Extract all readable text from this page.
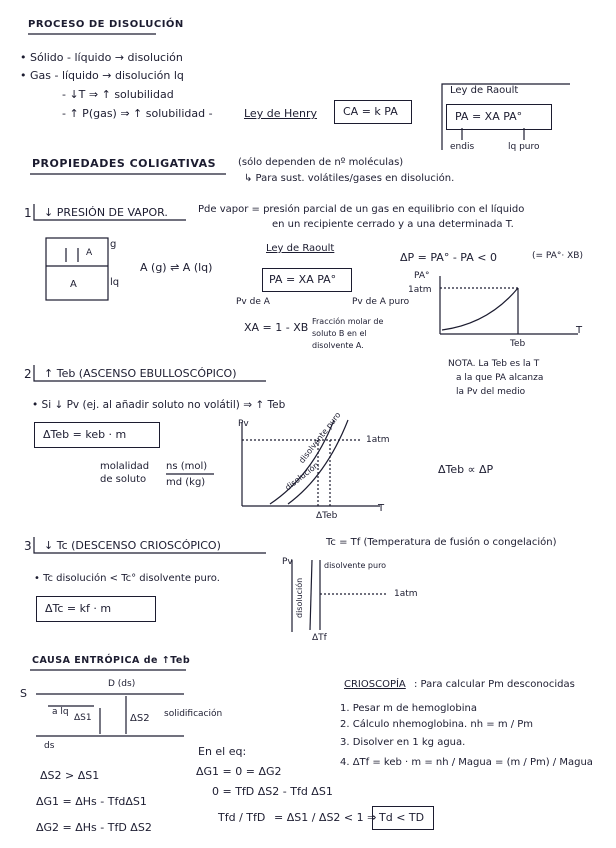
PROCESO DE DISOLUCIÓN
• Sólido - líquido → disolución
• Gas - líquido → disolución lq
- ↓T ⇒ ↑ solubilidad
- ↑ P(gas) ⇒ ↑ solubilidad -	Ley de Henry CA = k PA
Ley de Raoult
PA = XA PA°
endis	lq puro
PROPIEDADES COLIGATIVAS (sólo dependen de nº moléculas)
↳ Para sust. volátiles/gases en disolución.
1 ↓ PRESIÓN DE VAPOR.	Pde vapor = presión parcial de un gas en equilibrio con el líquido
en un recipiente cerrado y a una determinada T.
A
A
g
lq
A (g) ⇌ A (lq)
Ley de Raoult
PA = XA PA°
Pv de A	Pv de A puro
XA = 1 - XB Fracción molar de
soluto B en el
disolvente A.
ΔP = PA° - PA < 0	(= PA°· XB)
PA°
1atm
Teb
T
NOTA. La Teb es la T
a la que PA alcanza
la Pv del medio
2 ↑ Teb (ASCENSO EBULLOSCÓPICO)
• Si ↓ Pv (ej. al añadir soluto no volátil) ⇒ ↑ Teb
ΔTeb = keb · m
molalidad
de soluto
ns (mol)
md (kg)
Pv
1atm
disolvente puro
disolución
ΔTeb
T
ΔTeb ∝ ΔP
3 ↓ Tc (DESCENSO CRIOSCÓPICO)	Tc = Tf (Temperatura de fusión o congelación)
• Tc disolución < Tc° disolvente puro.
ΔTc = kf · m
Pv
disolución
disolvente puro
1atm
ΔTf
CAUSA ENTRÓPICA de ↑Teb
S
D (ds)
a lq
ΔS1	ΔS2
ds
solidificación
ΔS2 > ΔS1
ΔG1 = ΔHs - TfdΔS1
ΔG2 = ΔHs - TfD ΔS2
En el eq:
ΔG1 = 0 = ΔG2
0 = TfD ΔS2 - Tfd ΔS1
Tfd / TfD = ΔS1 / ΔS2 < 1 ⇒ Td < TD
CRIOSCOPÍA : Para calcular Pm desconocidas
1. Pesar m de hemoglobina
2. Cálculo nhemoglobina. nh = m / Pm
3. Disolver en 1 kg agua.
4. ΔTf = keb · m = nh / Magua = (m / Pm) / Magua
